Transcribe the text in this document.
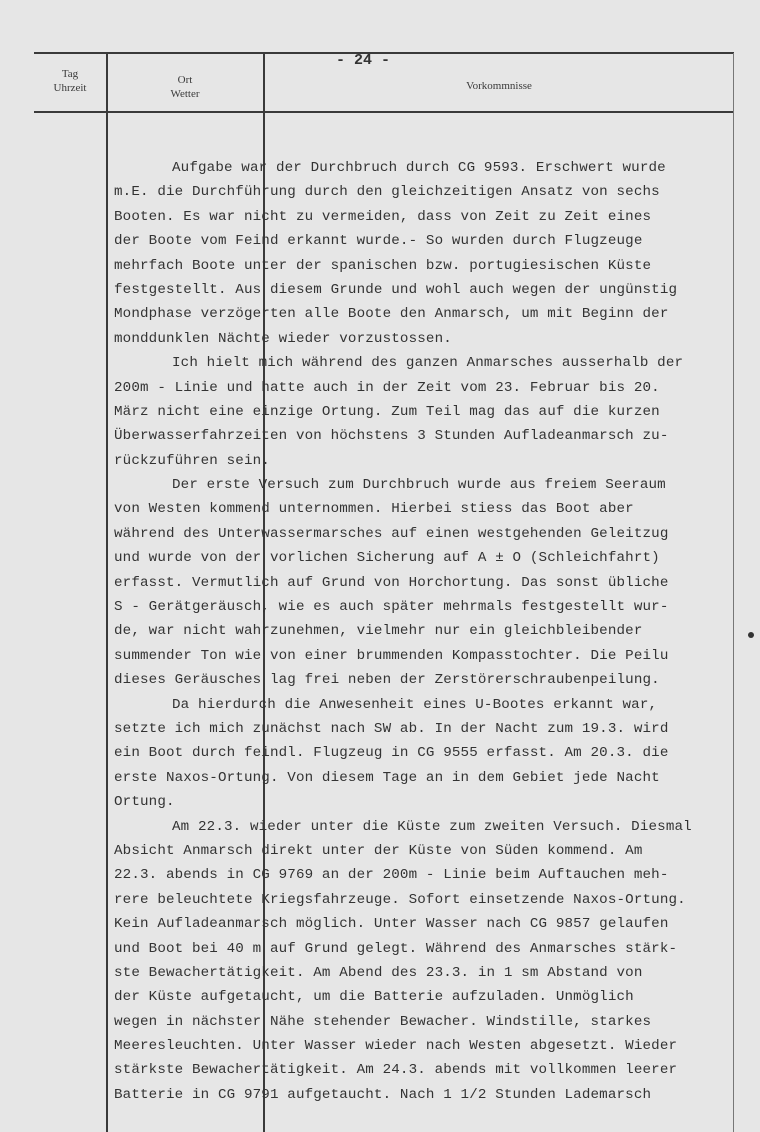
Tag
Uhrzeit
Ort
Wetter
Vorkommnisse
- 24 -
Aufgabe war der Durchbruch durch CG 9593. Erschwert wurde
m.E. die Durchführung durch den gleichzeitigen Ansatz von sechs
Booten. Es war nicht zu vermeiden, dass von Zeit zu Zeit eines
der Boote vom Feind erkannt wurde.- So wurden durch Flugzeuge
mehrfach Boote unter der spanischen bzw. portugiesischen Küste
festgestellt. Aus diesem Grunde und wohl auch wegen der ungünstig
Mondphase verzögerten alle Boote den Anmarsch, um mit Beginn der
monddunklen Nächte wieder vorzustossen.
Ich hielt mich während des ganzen Anmarsches ausserhalb der
200m - Linie und hatte auch in der Zeit vom 23. Februar bis 20.
März nicht eine einzige Ortung. Zum Teil mag das auf die kurzen
Überwasserfahrzeiten von höchstens 3 Stunden Aufladeanmarsch zu-
rückzuführen sein.
Der erste Versuch zum Durchbruch wurde aus freiem Seeraum
von Westen kommend unternommen. Hierbei stiess das Boot aber
während des Unterwassermarsches auf einen westgehenden Geleitzug
und wurde von der vorlichen Sicherung auf A ± O (Schleichfahrt)
erfasst. Vermutlich auf Grund von Horchortung. Das sonst übliche
S - Gerätgeräusch, wie es auch später mehrmals festgestellt wur-
de, war nicht wahrzunehmen, vielmehr nur ein gleichbleibender
summender Ton wie von einer brummenden Kompasstochter. Die Peilu
dieses Geräusches lag frei neben der Zerstörerschraubenpeilung.
Da hierdurch die Anwesenheit eines U-Bootes erkannt war,
setzte ich mich zunächst nach SW ab. In der Nacht zum 19.3. wird
ein Boot durch feindl. Flugzeug in CG 9555 erfasst. Am 20.3. die
erste Naxos-Ortung. Von diesem Tage an in dem Gebiet jede Nacht
Ortung.
Am 22.3. wieder unter die Küste zum zweiten Versuch. Diesmal
Absicht Anmarsch direkt unter der Küste von Süden kommend. Am
22.3. abends in CG 9769 an der 200m - Linie beim Auftauchen meh-
rere beleuchtete Kriegsfahrzeuge. Sofort einsetzende Naxos-Ortung.
Kein Aufladeanmarsch möglich. Unter Wasser nach CG 9857 gelaufen
und Boot bei 40 m auf Grund gelegt. Während des Anmarsches stärk-
ste Bewachertätigkeit. Am Abend des 23.3. in 1 sm Abstand von
der Küste aufgetaucht, um die Batterie aufzuladen. Unmöglich
wegen in nächster Nähe stehender Bewacher. Windstille, starkes
Meeresleuchten. Unter Wasser wieder nach Westen abgesetzt. Wieder
stärkste Bewachertätigkeit. Am 24.3. abends mit vollkommen leerer
Batterie in CG 9791 aufgetaucht. Nach 1 1/2 Stunden Lademarsch
